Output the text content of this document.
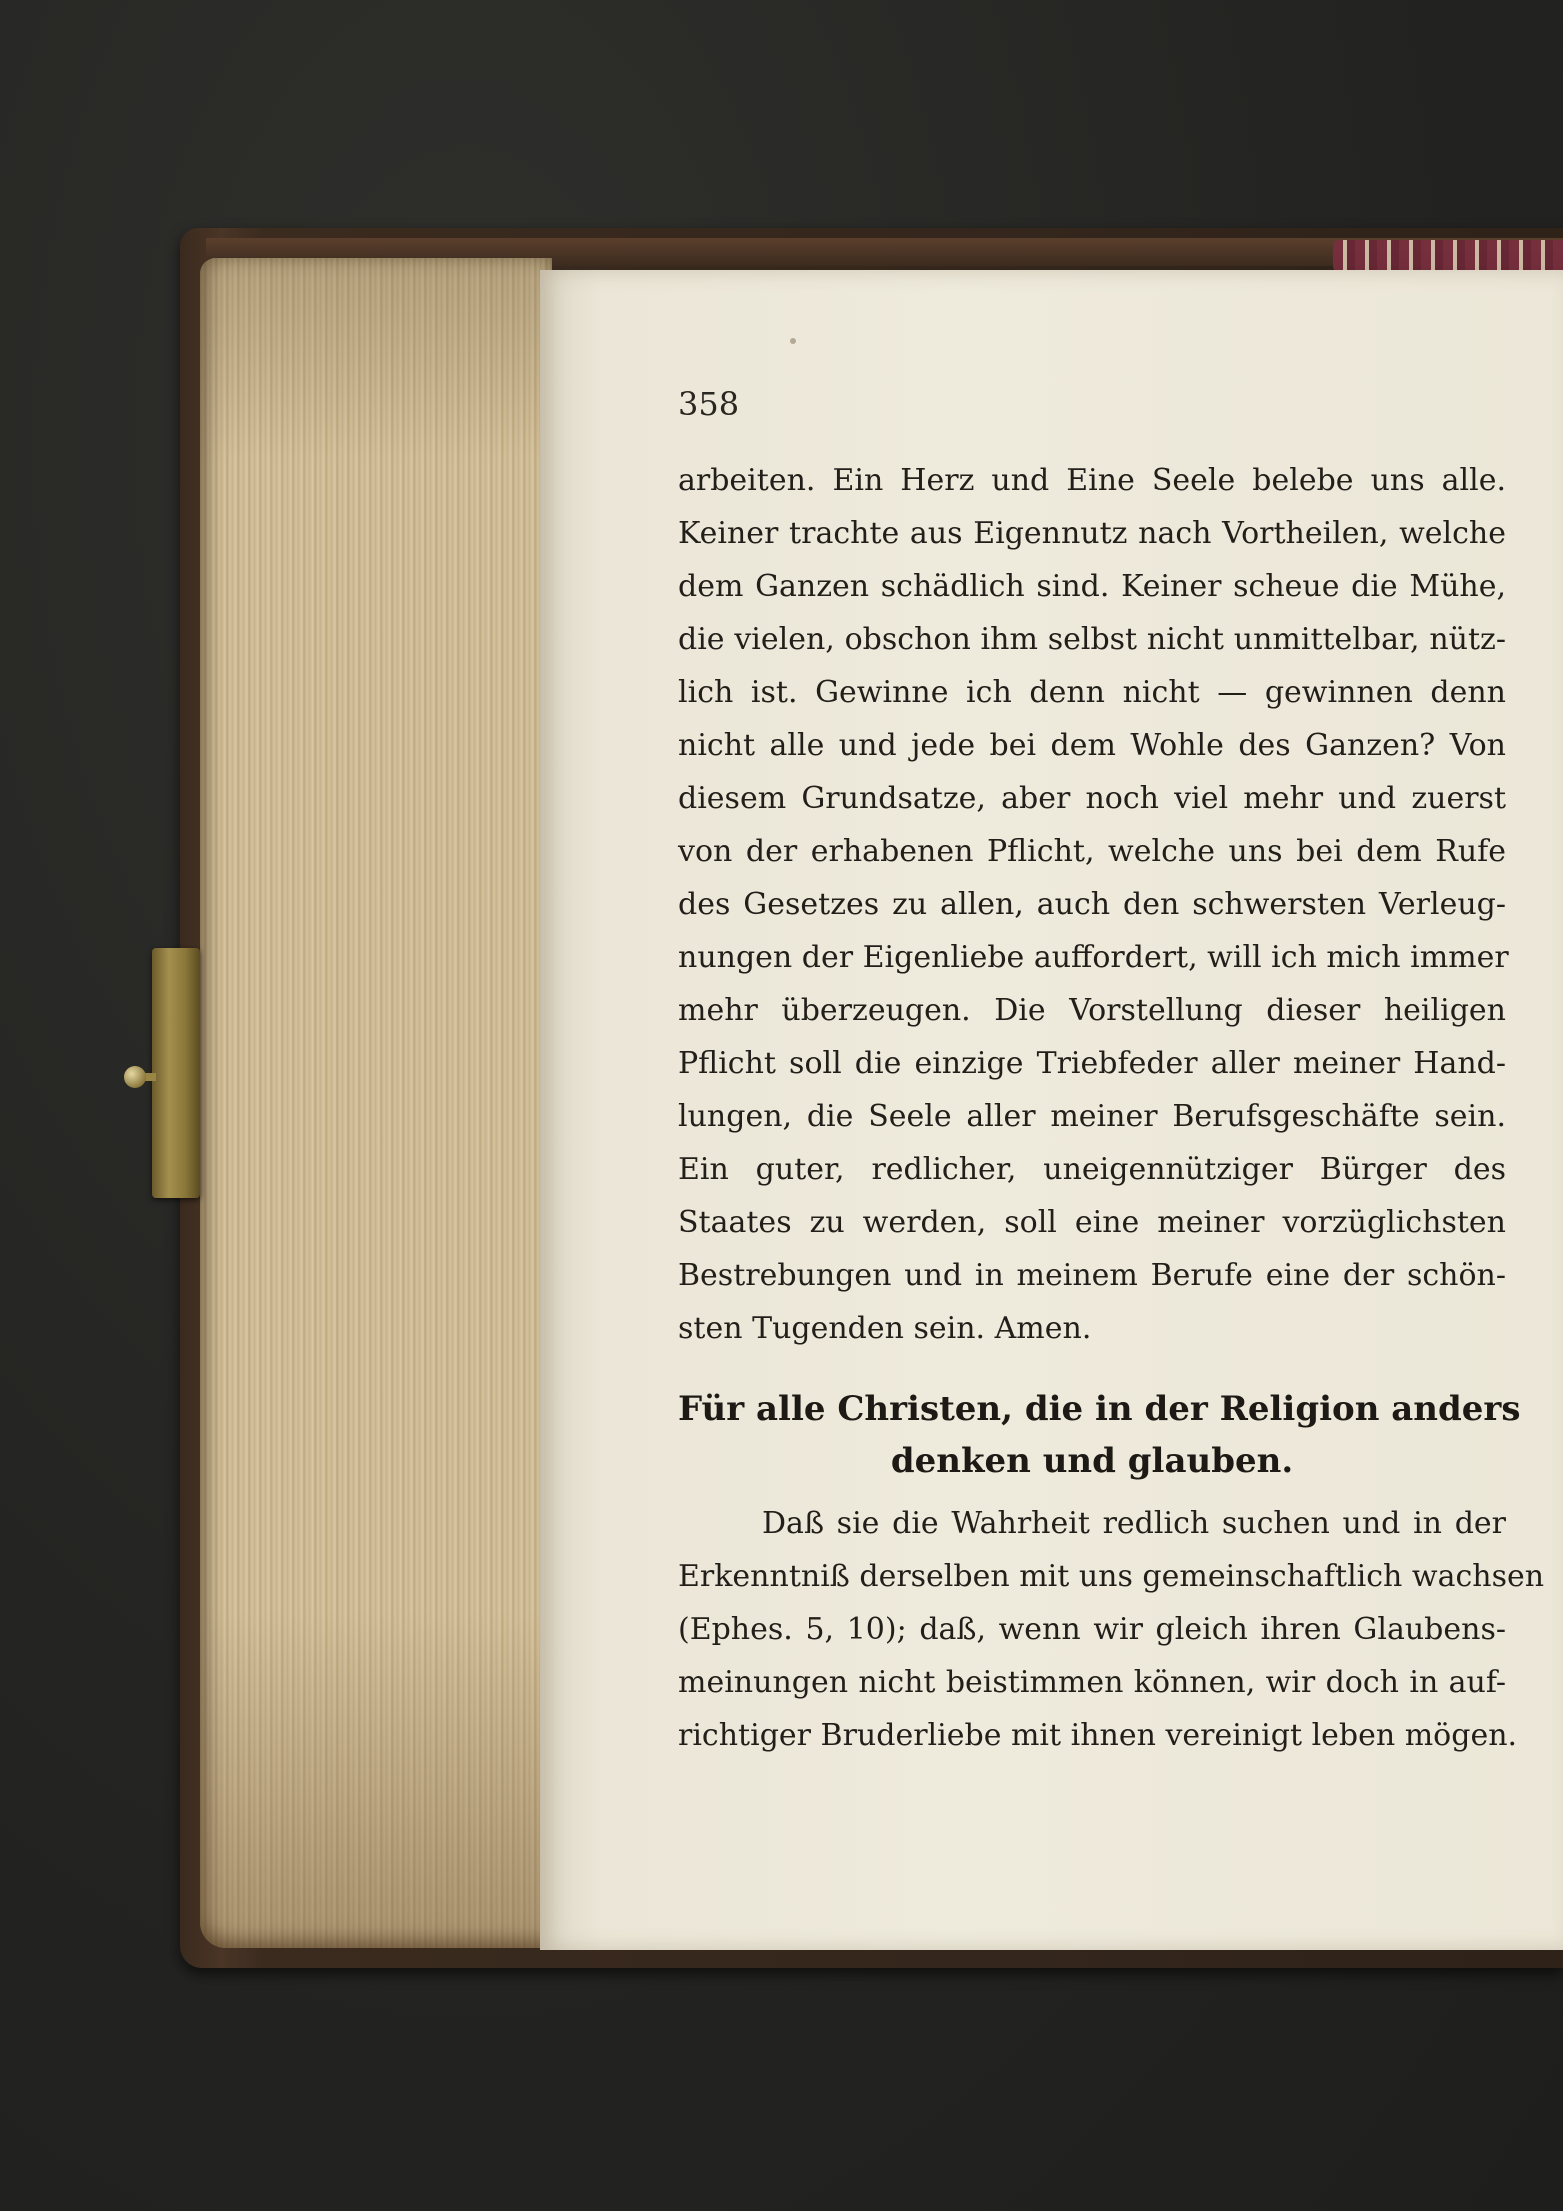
358
arbeiten. Ein Herz und Eine Seele belebe uns alle.
Keiner trachte aus Eigennutz nach Vortheilen, welche
dem Ganzen schädlich sind. Keiner scheue die Mühe,
die vielen, obschon ihm selbst nicht unmittelbar, nütz-
lich ist. Gewinne ich denn nicht — gewinnen denn
nicht alle und jede bei dem Wohle des Ganzen? Von
diesem Grundsatze, aber noch viel mehr und zuerst
von der erhabenen Pflicht, welche uns bei dem Rufe
des Gesetzes zu allen, auch den schwersten Verleug-
nungen der Eigenliebe auffordert, will ich mich immer
mehr überzeugen. Die Vorstellung dieser heiligen
Pflicht soll die einzige Triebfeder aller meiner Hand-
lungen, die Seele aller meiner Berufsgeschäfte sein.
Ein guter, redlicher, uneigennütziger Bürger des
Staates zu werden, soll eine meiner vorzüglichsten
Bestrebungen und in meinem Berufe eine der schön-
sten Tugenden sein. Amen.
Für alle Christen, die in der Religion anders
denken und glauben.
Daß sie die Wahrheit redlich suchen und in der
Erkenntniß derselben mit uns gemeinschaftlich wachsen
(Ephes. 5, 10); daß, wenn wir gleich ihren Glaubens-
meinungen nicht beistimmen können, wir doch in auf-
richtiger Bruderliebe mit ihnen vereinigt leben mögen.
